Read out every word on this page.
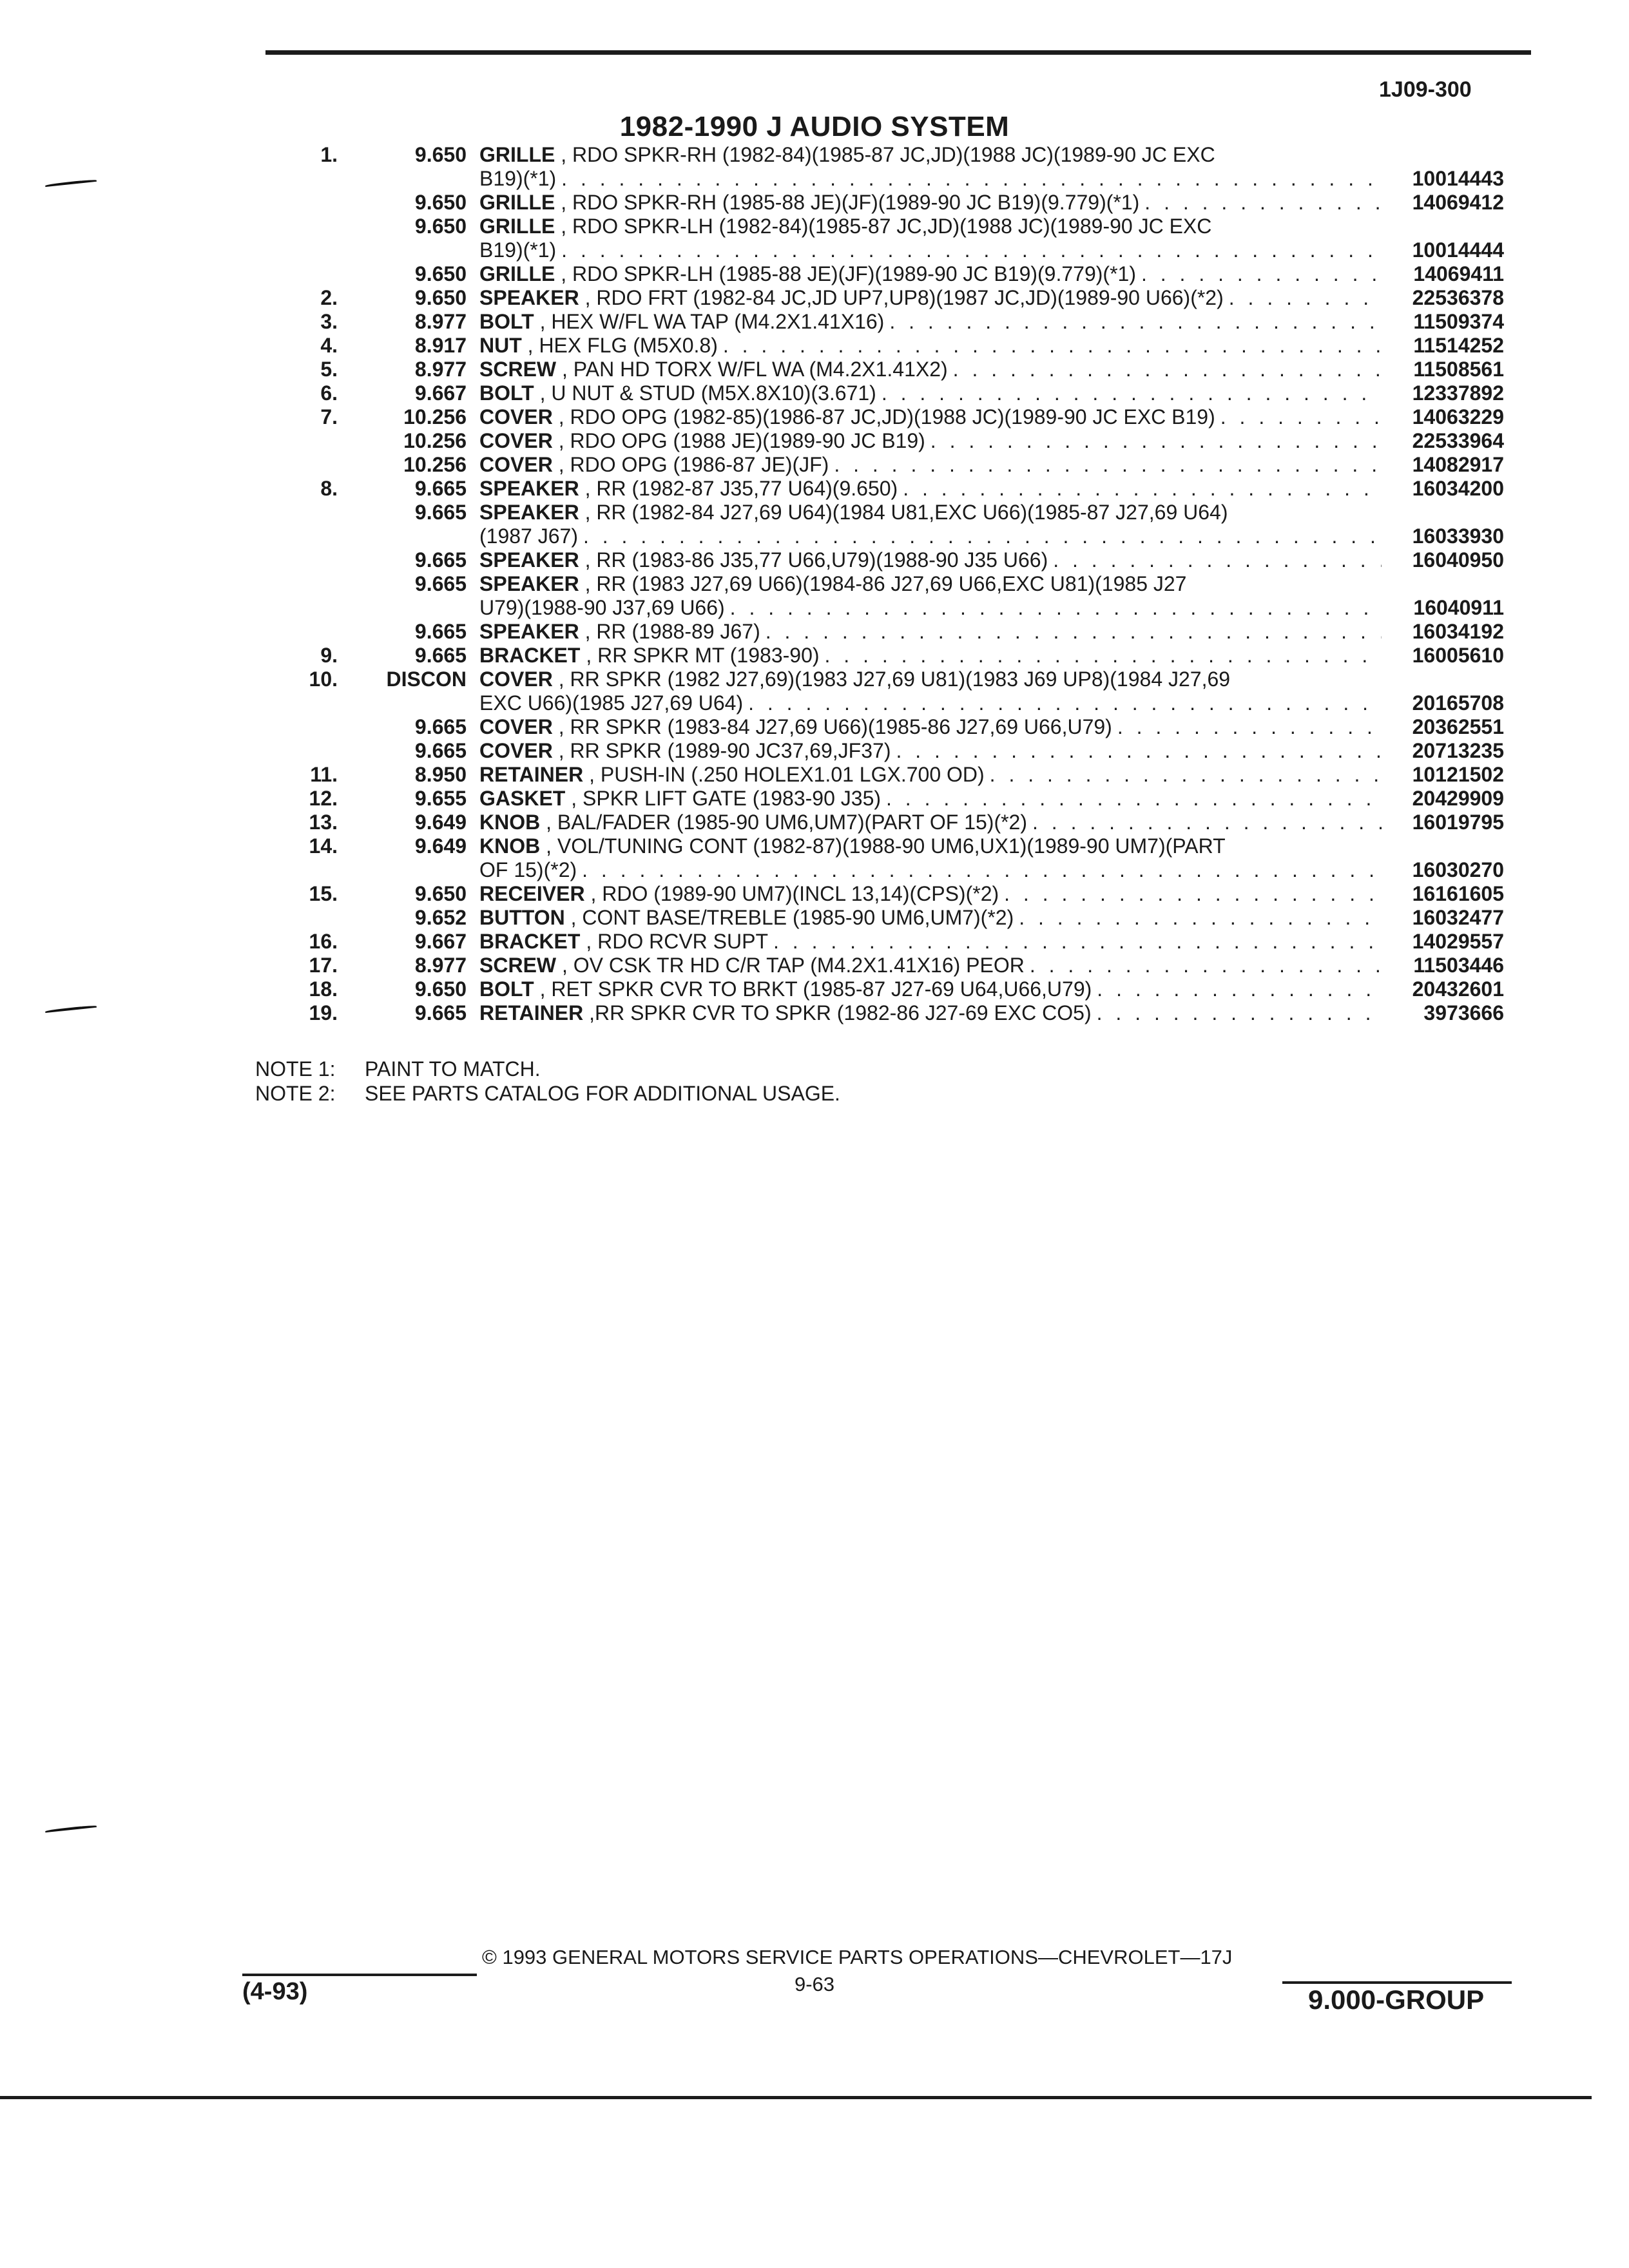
1J09-300
1982-1990 J AUDIO SYSTEM
1.	9.650 GRILLE , RDO SPKR-RH (1982-84)(1985-87 JC,JD)(1988 JC)(1989-90 JC EXC
B19)(*1) . . .	10014443
9.650 GRILLE , RDO SPKR-RH (1985-88 JE)(JF)(1989-90 JC B19)(9.779)(*1) . . .	14069412
9.650 GRILLE , RDO SPKR-LH (1982-84)(1985-87 JC,JD)(1988 JC)(1989-90 JC EXC
B19)(*1) . . .	10014444
9.650 GRILLE , RDO SPKR-LH (1985-88 JE)(JF)(1989-90 JC B19)(9.779)(*1) . . .	14069411
2.	9.650 SPEAKER , RDO FRT (1982-84 JC,JD UP7,UP8)(1987 JC,JD)(1989-90 U66)(*2) . . .	22536378
3.	8.977 BOLT , HEX W/FL WA TAP (M4.2X1.41X16) . . .	11509374
4.	8.917 NUT , HEX FLG (M5X0.8) . . .	11514252
5.	8.977 SCREW , PAN HD TORX W/FL WA (M4.2X1.41X2) . . .	11508561
6.	9.667 BOLT , U NUT & STUD (M5X.8X10)(3.671) . . .	12337892
7.	10.256 COVER , RDO OPG (1982-85)(1986-87 JC,JD)(1988 JC)(1989-90 JC EXC B19) . . .	14063229
10.256 COVER , RDO OPG (1988 JE)(1989-90 JC B19) . . .	22533964
10.256 COVER , RDO OPG (1986-87 JE)(JF) . . .	14082917
8.	9.665 SPEAKER , RR (1982-87 J35,77 U64)(9.650) . . .	16034200
9.665 SPEAKER , RR (1982-84 J27,69 U64)(1984 U81,EXC U66)(1985-87 J27,69 U64)
(1987 J67) . . .	16033930
9.665 SPEAKER , RR (1983-86 J35,77 U66,U79)(1988-90 J35 U66) . . .	16040950
9.665 SPEAKER , RR (1983 J27,69 U66)(1984-86 J27,69 U66,EXC U81)(1985 J27
U79)(1988-90 J37,69 U66) . . .	16040911
9.665 SPEAKER , RR (1988-89 J67) . . .	16034192
9.	9.665 BRACKET , RR SPKR MT (1983-90) . . .	16005610
10.	DISCON COVER , RR SPKR (1982 J27,69)(1983 J27,69 U81)(1983 J69 UP8)(1984 J27,69
EXC U66)(1985 J27,69 U64) . . .	20165708
9.665 COVER , RR SPKR (1983-84 J27,69 U66)(1985-86 J27,69 U66,U79) . . .	20362551
9.665 COVER , RR SPKR (1989-90 JC37,69,JF37) . . .	20713235
11.	8.950 RETAINER , PUSH-IN (.250 HOLEX1.01 LGX.700 OD) . . .	10121502
12.	9.655 GASKET , SPKR LIFT GATE (1983-90 J35) . . .	20429909
13.	9.649 KNOB , BAL/FADER (1985-90 UM6,UM7)(PART OF 15)(*2) . . .	16019795
14.	9.649 KNOB , VOL/TUNING CONT (1982-87)(1988-90 UM6,UX1)(1989-90 UM7)(PART
OF 15)(*2) . . .	16030270
15.	9.650 RECEIVER , RDO (1989-90 UM7)(INCL 13,14)(CPS)(*2) . . .	16161605
9.652 BUTTON , CONT BASE/TREBLE (1985-90 UM6,UM7)(*2) . . .	16032477
16.	9.667 BRACKET , RDO RCVR SUPT . . .	14029557
17.	8.977 SCREW , OV CSK TR HD C/R TAP (M4.2X1.41X16) PEOR . . .	11503446
18.	9.650 BOLT , RET SPKR CVR TO BRKT (1985-87 J27-69 U64,U66,U79) . . .	20432601
19.	9.665 RETAINER ,RR SPKR CVR TO SPKR (1982-86 J27-69 EXC CO5) . . .	3973666
NOTE 1:	PAINT TO MATCH.
NOTE 2:	SEE PARTS CATALOG FOR ADDITIONAL USAGE.
© 1993 GENERAL MOTORS SERVICE PARTS OPERATIONS—CHEVROLET—17J
(4-93)	9-63
9.000-GROUP
